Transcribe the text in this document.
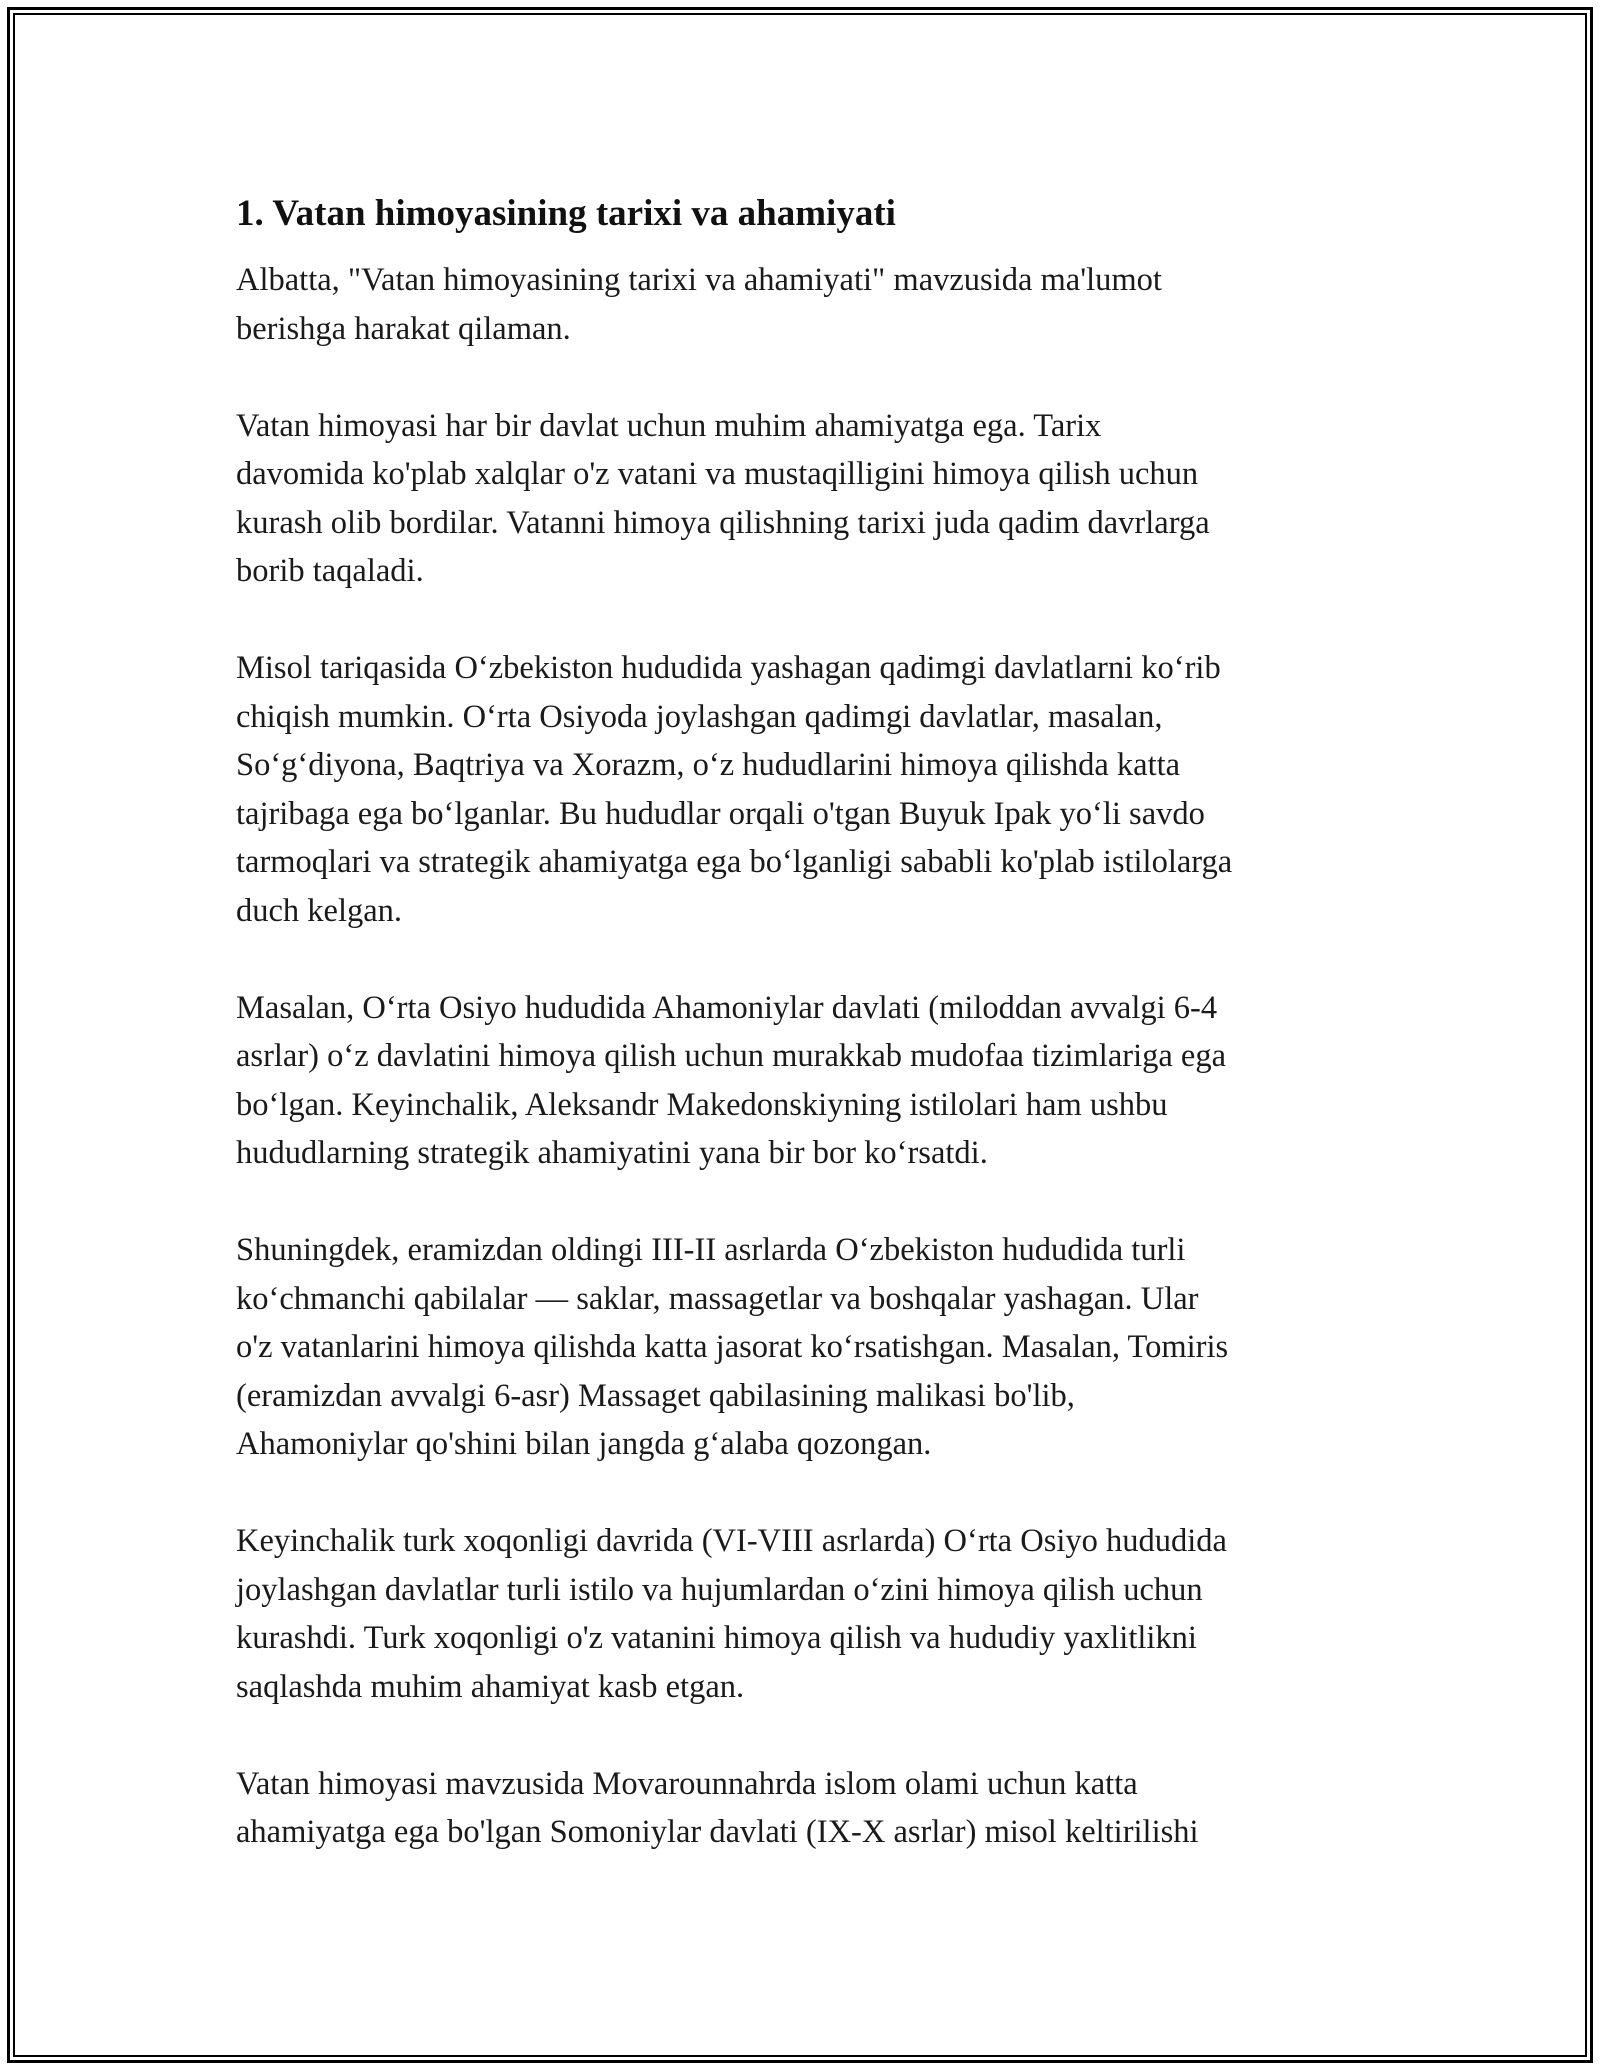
1. Vatan himoyasining tarixi va ahamiyati
Albatta, "Vatan himoyasining tarixi va ahamiyati" mavzusida ma'lumot
berishga harakat qilaman.
Vatan himoyasi har bir davlat uchun muhim ahamiyatga ega. Tarix
davomida ko'plab xalqlar o'z vatani va mustaqilligini himoya qilish uchun
kurash olib bordilar. Vatanni himoya qilishning tarixi juda qadim davrlarga
borib taqaladi.
Misol tariqasida O‘zbekiston hududida yashagan qadimgi davlatlarni ko‘rib
chiqish mumkin. O‘rta Osiyoda joylashgan qadimgi davlatlar, masalan,
So‘g‘diyona, Baqtriya va Xorazm, o‘z hududlarini himoya qilishda katta
tajribaga ega bo‘lganlar. Bu hududlar orqali o'tgan Buyuk Ipak yo‘li savdo
tarmoqlari va strategik ahamiyatga ega bo‘lganligi sababli ko'plab istilolarga
duch kelgan.
Masalan, O‘rta Osiyo hududida Ahamoniylar davlati (miloddan avvalgi 6-4
asrlar) o‘z davlatini himoya qilish uchun murakkab mudofaa tizimlariga ega
bo‘lgan. Keyinchalik, Aleksandr Makedonskiyning istilolari ham ushbu
hududlarning strategik ahamiyatini yana bir bor ko‘rsatdi.
Shuningdek, eramizdan oldingi III-II asrlarda O‘zbekiston hududida turli
ko‘chmanchi qabilalar — saklar, massagetlar va boshqalar yashagan. Ular
o'z vatanlarini himoya qilishda katta jasorat ko‘rsatishgan. Masalan, Tomiris
(eramizdan avvalgi 6-asr) Massaget qabilasining malikasi bo'lib,
Ahamoniylar qo'shini bilan jangda g‘alaba qozongan.
Keyinchalik turk xoqonligi davrida (VI-VIII asrlarda) O‘rta Osiyo hududida
joylashgan davlatlar turli istilo va hujumlardan o‘zini himoya qilish uchun
kurashdi. Turk xoqonligi o'z vatanini himoya qilish va hududiy yaxlitlikni
saqlashda muhim ahamiyat kasb etgan.
Vatan himoyasi mavzusida Movarounnahrda islom olami uchun katta
ahamiyatga ega bo'lgan Somoniylar davlati (IX-X asrlar) misol keltirilishi
